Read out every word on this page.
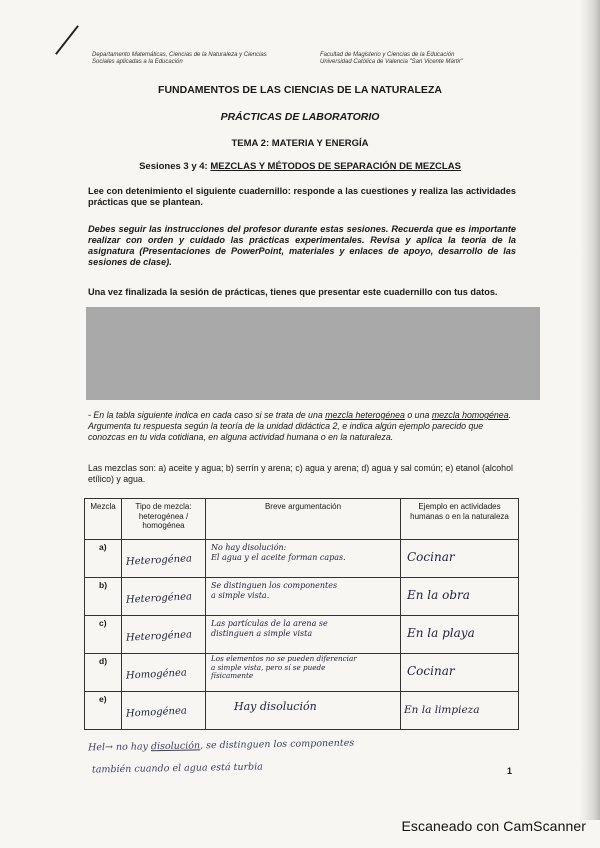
Departamento Matemáticas, Ciencias de la Naturaleza y Ciencias
Sociales aplicadas a la Educación
Facultad de Magisterio y Ciencias de la Educación
Universidad Católica de Valencia "San Vicente Mártir"
FUNDAMENTOS DE LAS CIENCIAS DE LA NATURALEZA
PRÁCTICAS DE LABORATORIO
TEMA 2: MATERIA Y ENERGÍA
Sesiones 3 y 4: MEZCLAS Y MÉTODOS DE SEPARACIÓN DE MEZCLAS
Lee con detenimiento el siguiente cuadernillo: responde a las cuestiones y realiza las actividades prácticas que se plantean.
Debes seguir las instrucciones del profesor durante estas sesiones. Recuerda que es importante realizar con orden y cuidado las prácticas experimentales. Revisa y aplica la teoría de la asignatura (Presentaciones de PowerPoint, materiales y enlaces de apoyo, desarrollo de las sesiones de clase).
Una vez finalizada la sesión de prácticas, tienes que presentar este cuadernillo con tus datos.
- En la tabla siguiente indica en cada caso si se trata de una mezcla heterogénea o una mezcla homogénea. Argumenta tu respuesta según la teoría de la unidad didáctica 2, e indica algún ejemplo parecido que conozcas en tu vida cotidiana, en alguna actividad humana o en la naturaleza.
Las mezclas son: a) aceite y agua; b) serrín y arena; c) agua y arena; d) agua y sal común; e) etanol (alcohol etílico) y agua.
Mezcla	Tipo de mezcla: heterogénea / homogénea	Breve argumentación	Ejemplo en actividades humanas o en la naturaleza

a)	Heterogénea	No hay disolución:
El agua y el aceite forman capas.	Cocinar

b)	Heterogénea	Se distinguen los componentes
a simple vista.	En la obra

c)	Heterogénea	Las partículas de la arena se
distinguen a simple vista	En la playa

d)	Homogénea	Los elementos no se pueden diferenciar
a simple vista, pero sí se puede
físicamente	Cocinar

e)	Homogénea	Hay disolución	En la limpieza
Hel→ no hay disolución, se distinguen los componentes
también cuando el agua está turbia	1
Escaneado con CamScanner
